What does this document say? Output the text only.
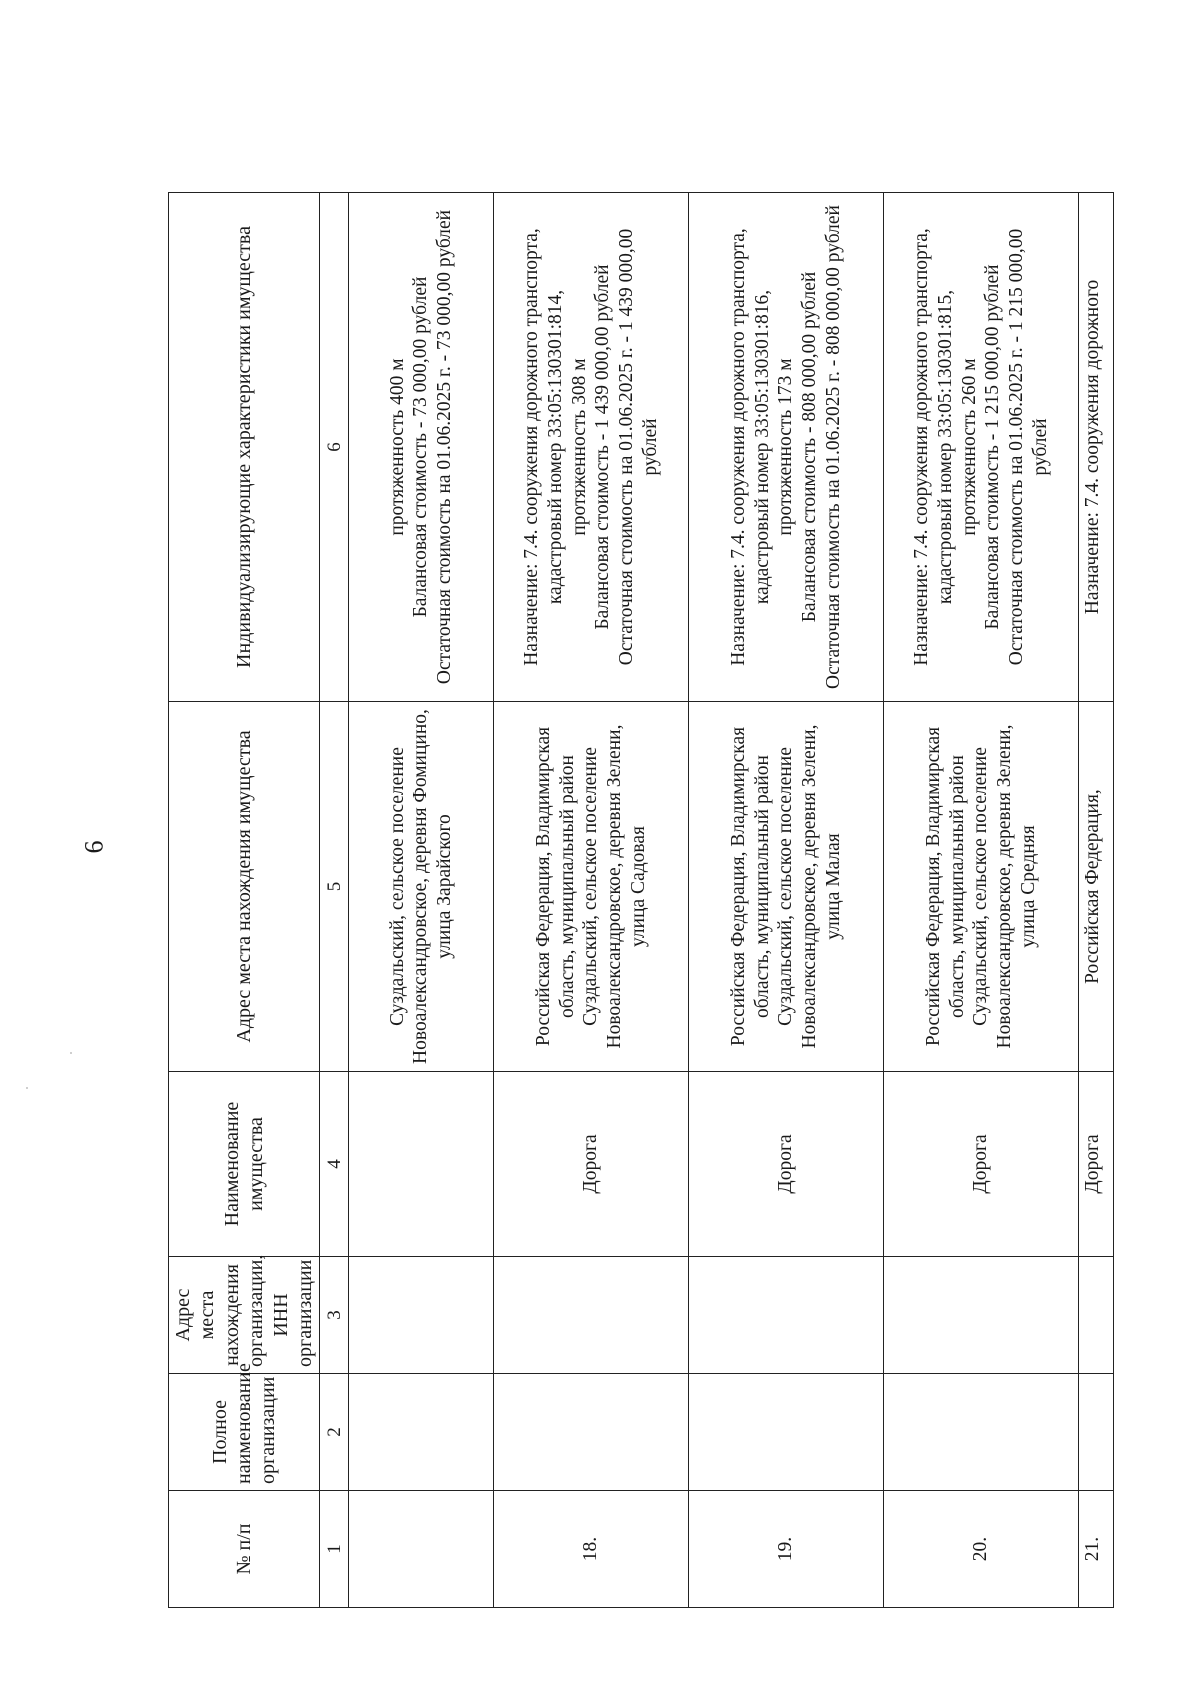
6
№ п/п	Полное наименование организации	Адрес места нахождения организации, ИНН организации	Наименование имущества	Адрес места нахождения имущества	Индивидуализирующие характеристики имущества
1	2	3	4	5	6
				Суздальский, сельское поселение Новоалександровское, деревня Фомицино, улица Зарайского	протяженность 400 м
Балансовая стоимость - 73 000,00 рублей
Остаточная стоимость на 01.06.2025 г. - 73 000,00 рублей
18.			Дорога	Российская Федерация, Владимирская область, муниципальный район Суздальский, сельское поселение Новоалександровское, деревня Зелени, улица Садовая	Назначение: 7.4. сооружения дорожного транспорта,
кадастровый номер 33:05:130301:814,
протяженность 308 м
Балансовая стоимость - 1 439 000,00 рублей
Остаточная стоимость на 01.06.2025 г. - 1 439 000,00 рублей
19.			Дорога	Российская Федерация, Владимирская область, муниципальный район Суздальский, сельское поселение Новоалександровское, деревня Зелени, улица Малая	Назначение: 7.4. сооружения дорожного транспорта,
кадастровый номер 33:05:130301:816,
протяженность 173 м
Балансовая стоимость - 808 000,00 рублей
Остаточная стоимость на 01.06.2025 г. - 808 000,00 рублей
20.			Дорога	Российская Федерация, Владимирская область, муниципальный район Суздальский, сельское поселение Новоалександровское, деревня Зелени, улица Средняя	Назначение: 7.4. сооружения дорожного транспорта,
кадастровый номер 33:05:130301:815,
протяженность 260 м
Балансовая стоимость - 1 215 000,00 рублей
Остаточная стоимость на 01.06.2025 г. - 1 215 000,00 рублей
21.			Дорога	Российская Федерация,	Назначение: 7.4. сооружения дорожного
